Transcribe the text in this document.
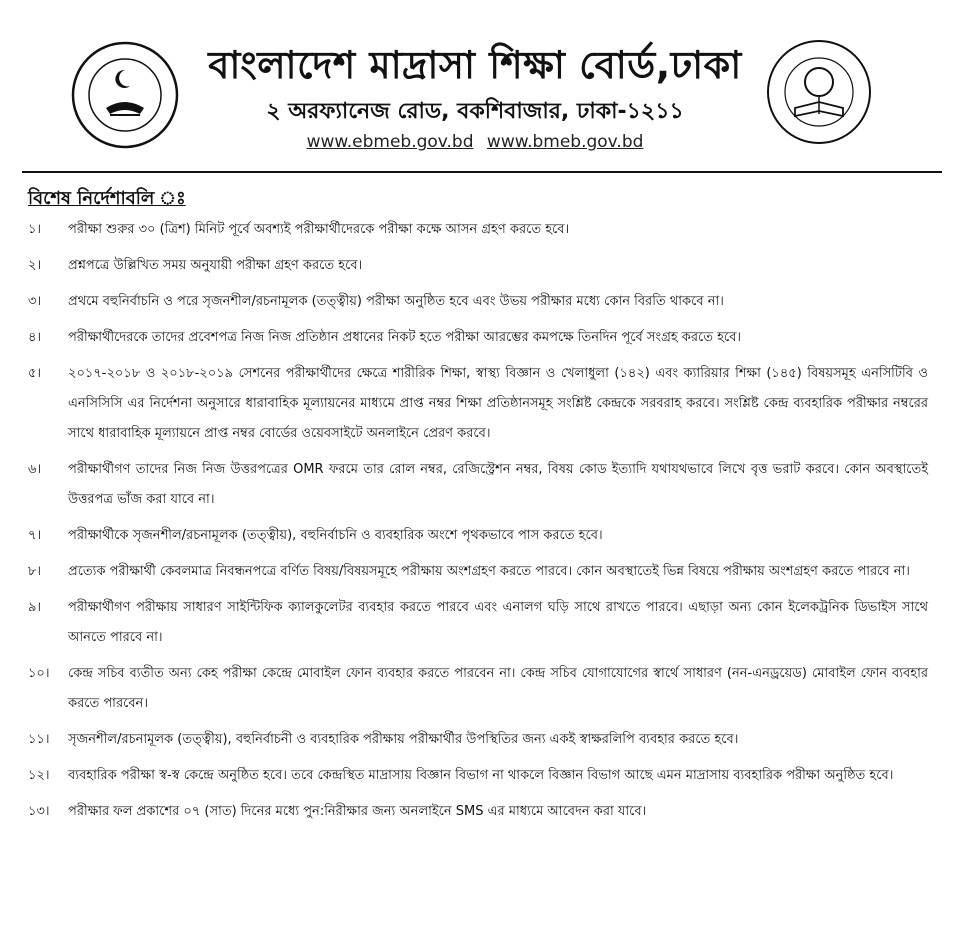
বাংলাদেশ মাদ্রাসা শিক্ষা বোর্ড,ঢাকা
২ অরফ্যানেজ রোড, বকশিবাজার, ঢাকা-১২১১
www.ebmeb.gov.bd www.bmeb.gov.bd
বিশেষ নির্দেশাবলি ঃ
১।	পরীক্ষা শুরুর ৩০ (ত্রিশ) মিনিট পূর্বে অবশ্যই পরীক্ষার্থীদেরকে পরীক্ষা কক্ষে আসন গ্রহণ করতে হবে।
২।	প্রশ্নপত্রে উল্লিখিত সময় অনুযায়ী পরীক্ষা গ্রহণ করতে হবে।
৩।	প্রথমে বহুনির্বাচনি ও পরে সৃজনশীল/রচনামূলক (তত্ত্বীয়) পরীক্ষা অনুষ্ঠিত হবে এবং উভয় পরীক্ষার মধ্যে কোন বিরতি থাকবে না।
৪।	পরীক্ষার্থীদেরকে তাদের প্রবেশপত্র নিজ নিজ প্রতিষ্ঠান প্রধানের নিকট হতে পরীক্ষা আরম্ভের কমপক্ষে তিনদিন পূর্বে সংগ্রহ করতে হবে।
৫।	২০১৭-২০১৮ ও ২০১৮-২০১৯ সেশনের পরীক্ষার্থীদের ক্ষেত্রে শারীরিক শিক্ষা, স্বাস্থ্য বিজ্ঞান ও খেলাধুলা (১৪২) এবং ক্যারিয়ার শিক্ষা (১৪৫) বিষয়সমূহ এনসিটিবি ও এনসিসিসি এর নির্দেশনা অনুসারে ধারাবাহিক মূল্যায়নের মাধ্যমে প্রাপ্ত নম্বর শিক্ষা প্রতিষ্ঠানসমূহ সংশ্লিষ্ট কেন্দ্রকে সরবরাহ করবে। সংশ্লিষ্ট কেন্দ্র ব্যবহারিক পরীক্ষার নম্বরের সাথে ধারাবাহিক মূল্যায়নে প্রাপ্ত নম্বর বোর্ডের ওয়েবসাইটে অনলাইনে প্রেরণ করবে।
৬।	পরীক্ষার্থীগণ তাদের নিজ নিজ উত্তরপত্রের OMR ফরমে তার রোল নম্বর, রেজিস্ট্রেশন নম্বর, বিষয় কোড ইত্যাদি যথাযথভাবে লিখে বৃত্ত ভরাট করবে। কোন অবস্থাতেই উত্তরপত্র ভাঁজ করা যাবে না।
৭।	পরীক্ষার্থীকে সৃজনশীল/রচনামূলক (তত্ত্বীয়), বহুনির্বাচনি ও ব্যবহারিক অংশে পৃথকভাবে পাস করতে হবে।
৮।	প্রত্যেক পরীক্ষার্থী কেবলমাত্র নিবন্ধনপত্রে বর্ণিত বিষয়/বিষয়সমূহে পরীক্ষায় অংশগ্রহণ করতে পারবে। কোন অবস্থাতেই ভিন্ন বিষয়ে পরীক্ষায় অংশগ্রহণ করতে পারবে না।
৯।	পরীক্ষার্থীগণ পরীক্ষায় সাধারণ সাইন্টিফিক ক্যালকুলেটর ব্যবহার করতে পারবে এবং এনালগ ঘড়ি সাথে রাখতে পারবে। এছাড়া অন্য কোন ইলেকট্রনিক ডিভাইস সাথে আনতে পারবে না।
১০।	কেন্দ্র সচিব ব্যতীত অন্য কেহ পরীক্ষা কেন্দ্রে মোবাইল ফোন ব্যবহার করতে পারবেন না। কেন্দ্র সচিব যোগাযোগের স্বার্থে সাধারণ (নন-এনড্রয়েড) মোবাইল ফোন ব্যবহার করতে পারবেন।
১১।	সৃজনশীল/রচনামূলক (তত্ত্বীয়), বহুনির্বাচনী ও ব্যবহারিক পরীক্ষায় পরীক্ষার্থীর উপস্থিতির জন্য একই স্বাক্ষরলিপি ব্যবহার করতে হবে।
১২।	ব্যবহারিক পরীক্ষা স্ব-স্ব কেন্দ্রে অনুষ্ঠিত হবে। তবে কেন্দ্রস্থিত মাদ্রাসায় বিজ্ঞান বিভাগ না থাকলে বিজ্ঞান বিভাগ আছে এমন মাদ্রাসায় ব্যবহারিক পরীক্ষা অনুষ্ঠিত হবে।
১৩।	পরীক্ষার ফল প্রকাশের ০৭ (সাত) দিনের মধ্যে পুন:নিরীক্ষার জন্য অনলাইনে SMS এর মাধ্যমে আবেদন করা যাবে।
